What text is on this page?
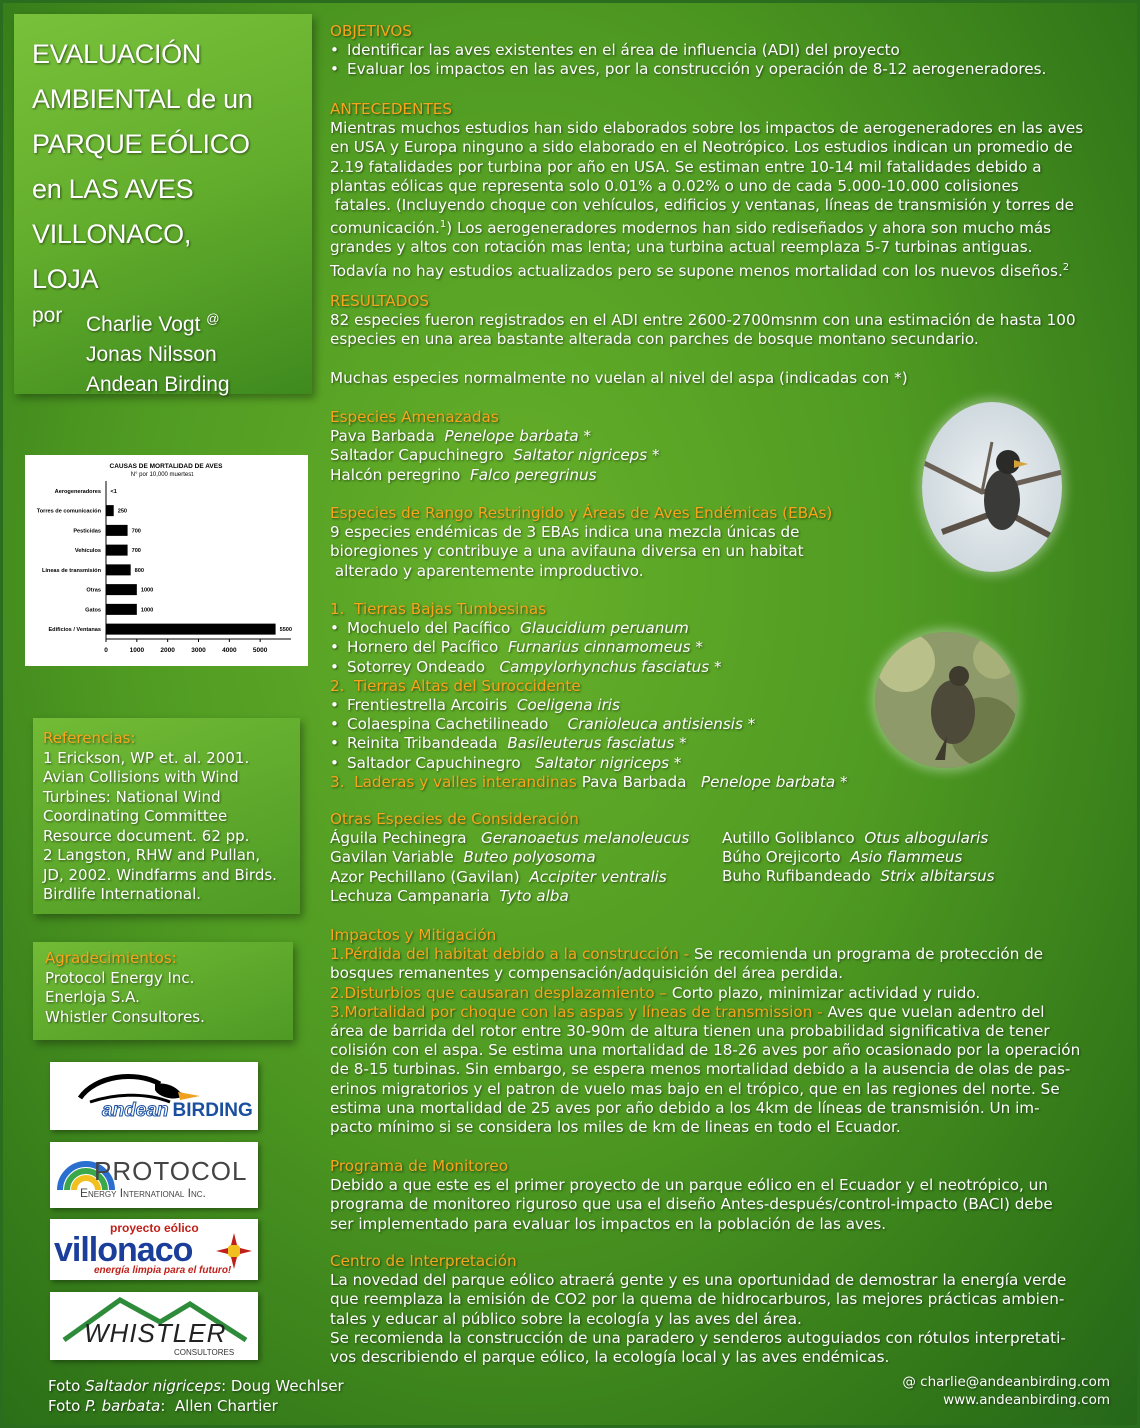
EVALUACIÓN
AMBIENTAL de un
PARQUE EÓLICO
en LAS AVES
VILLONACO,
LOJA
por Charlie Vogt @
Jonas Nilsson
Andean Birding
CAUSAS DE MORTALIDAD DE AVES
N° por 10,000 muertes 1
Aerogeneradores <1
Torres de comunicación	250
Pesticidas	700
Vehículos	700
Líneas de transmisión	800
Otras	1000
Gatos	1000
Edificios / Ventanas	5500
0	1000	2000	3000	4000	5000
Referencias:
1 Erickson, WP et. al. 2001.
Avian Collisions with Wind
Turbines: National Wind
Coordinating Committee
Resource document. 62 pp.
2 Langston, RHW and Pullan,
JD, 2002. Windfarms and Birds.
Birdlife International.
Agradecimientos:
Protocol Energy Inc.
Enerloja S.A.
Whistler Consultores.
andean BIRDING
PROTOCOL
Energy International Inc.
proyecto eólico
villonaco
energía limpia para el futuro!
WHISTLER
CONSULTORES
OBJETIVOS
• Identificar las aves existentes en el área de influencia (ADI) del proyecto
• Evaluar los impactos en las aves, por la construcción y operación de 8-12 aerogeneradores.
ANTECEDENTES
Mientras muchos estudios han sido elaborados sobre los impactos de aerogeneradores en las aves
en USA y Europa ninguno a sido elaborado en el Neotrópico. Los estudios indican un promedio de
2.19 fatalidades por turbina por año en USA. Se estiman entre 10-14 mil fatalidades debido a
plantas eólicas que representa solo 0.01% a 0.02% o uno de cada 5.000-10.000 colisiones
fatales. (Incluyendo choque con vehículos, edificios y ventanas, líneas de transmisión y torres de
comunicación.$^1$) Los aerogeneradores modernos han sido rediseñados y ahora son mucho más
grandes y altos con rotación mas lenta; una turbina actual reemplaza 5-7 turbinas antiguas.
Todavía no hay estudios actualizados pero se supone menos mortalidad con los nuevos diseños.$^2$
RESULTADOS
82 especies fueron registrados en el ADI entre 2600-2700msnm con una estimación de hasta 100
especies en una area bastante alterada con parches de bosque montano secundario.
Muchas especies normalmente no vuelan al nivel del aspa (indicadas con *)
Especies Amenazadas
Pava Barbada Penelope barbata *
Saltador Capuchinegro Saltator nigriceps *
Halcón peregrino Falco peregrinus
Especies de Rango Restringido y Áreas de Aves Endémicas (EBAs)
9 especies endémicas de 3 EBAs indica una mezcla únicas de
bioregiones y contribuye a una avifauna diversa en un habitat
alterado y aparentemente improductivo.
1.  Tierras Bajas Tumbesinas
• Mochuelo del Pacífico Glaucidium peruanum
• Hornero del Pacífico Furnarius cinnamomeus *
• Sotorrey Ondeado Campylorhynchus fasciatus *
2.  Tierras Altas del Suroccidente
• Frentiestrella Arcoiris Coeligena iris
• Colaespina Cachetilineado Cranioleuca antisiensis *
• Reinita Tribandeada Basileuterus fasciatus *
• Saltador Capuchinegro Saltator nigriceps *
3.  Laderas y valles interandinas Pava Barbada Penelope barbata *
Otras Especies de Consideración
Águila Pechinegra Geranoaetus melanoleucus
Gavilan Variable Buteo polyosoma
Azor Pechillano (Gavilan) Accipiter ventralis
Lechuza Campanaria Tyto alba
Autillo Goliblanco Otus albogularis
Búho Orejicorto Asio flammeus
Buho Rufibandeado Strix albitarsus
Impactos y Mitigación
1.Pérdida del habitat debido a la construcción - Se recomienda un programa de protección de
bosques remanentes y compensación/adquisición del área perdida.
2.Disturbios que causaran desplazamiento – Corto plazo, minimizar actividad y ruido.
3.Mortalidad por choque con las aspas y líneas de transmission - Aves que vuelan adentro del
área de barrida del rotor entre 30-90m de altura tienen una probabilidad significativa de tener
colisión con el aspa. Se estima una mortalidad de 18-26 aves por año ocasionado por la operación
de 8-15 turbinas. Sin embargo, se espera menos mortalidad debido a la ausencia de olas de pas-
erinos migratorios y el patron de vuelo mas bajo en el trópico, que en las regiones del norte. Se
estima una mortalidad de 25 aves por año debido a los 4km de líneas de transmisión. Un im-
pacto mínimo si se considera los miles de km de lineas en todo el Ecuador.
Programa de Monitoreo
Debido a que este es el primer proyecto de un parque eólico en el Ecuador y el neotrópico, un
programa de monitoreo riguroso que usa el diseño Antes-después/control-impacto (BACI) debe
ser implementado para evaluar los impactos en la población de las aves.
Centro de Interpretación
La novedad del parque eólico atraerá gente y es una oportunidad de demostrar la energía verde
que reemplaza la emisión de CO2 por la quema de hidrocarburos, las mejores prácticas ambien-
tales y educar al público sobre la ecología y las aves del área.
Se recomienda la construcción de una paradero y senderos autoguiados con rótulos interpretati-
vos describiendo el parque eólico, la ecología local y las aves endémicas.
Foto Saltador nigriceps: Doug Wechlser
Foto P. barbata:  Allen Chartier
@ charlie@andeanbirding.com
www.andeanbirding.com
